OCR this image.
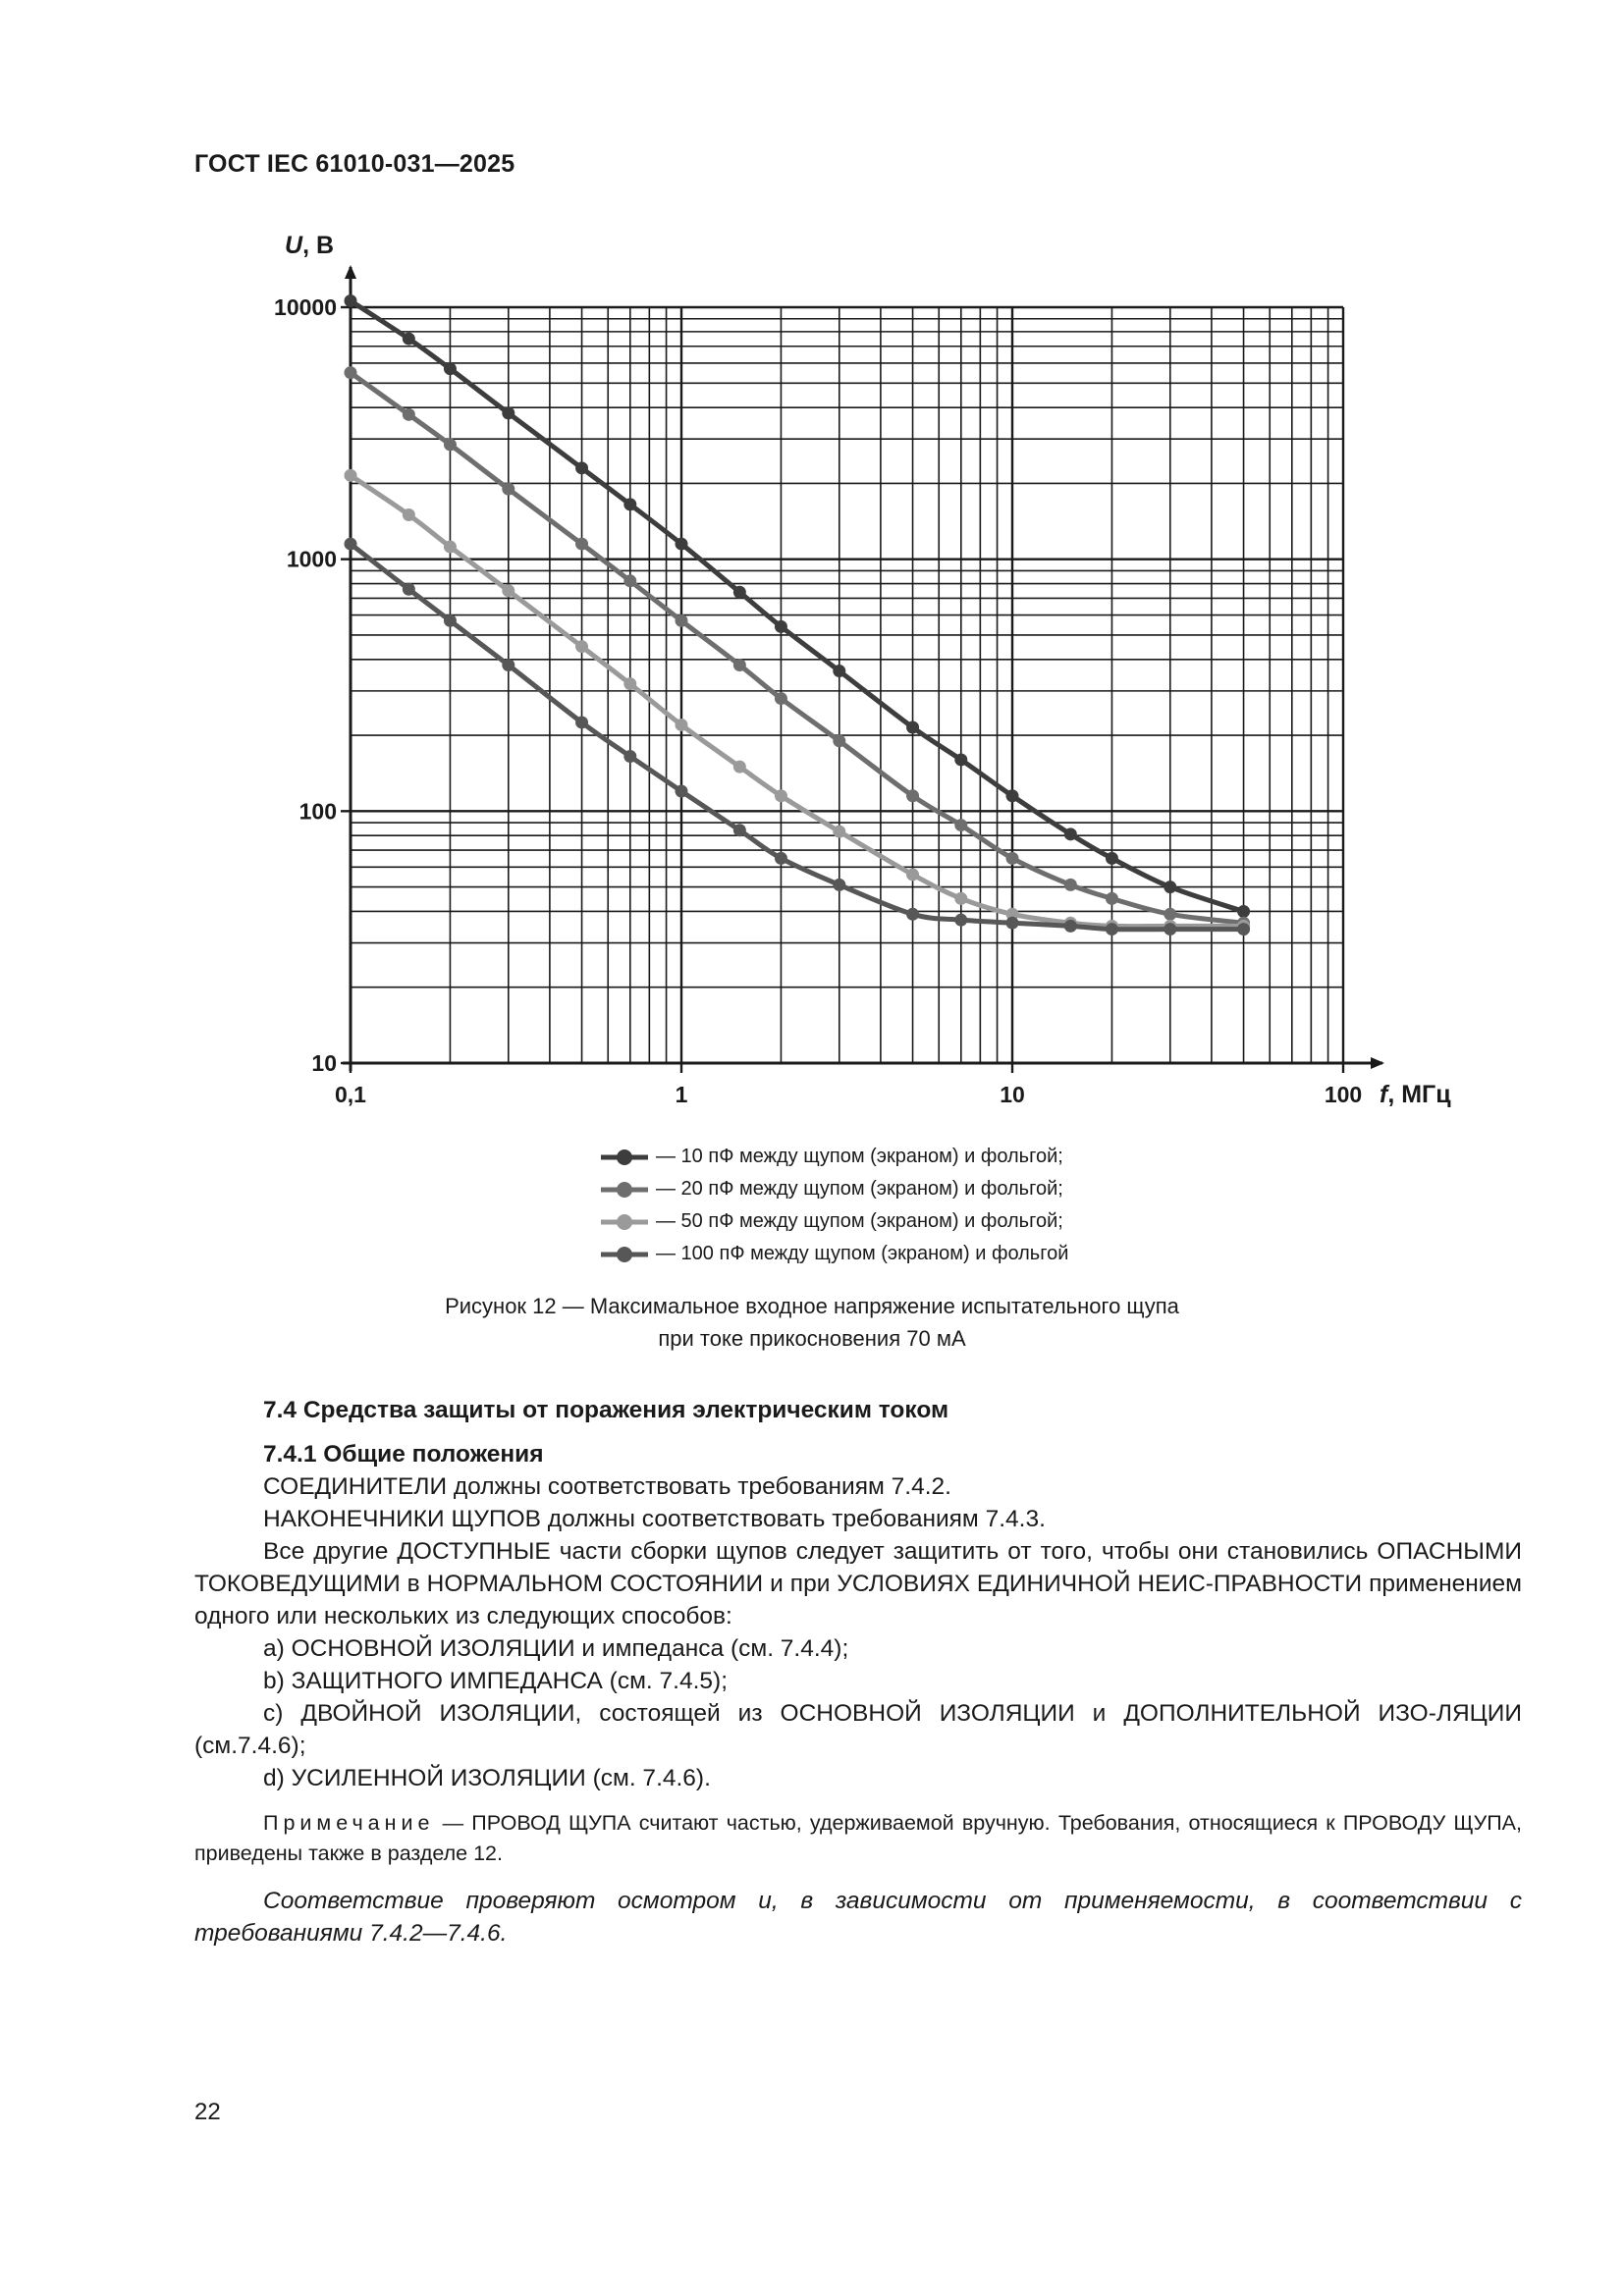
ГОСТ IEC 61010-031—2025
0,1	1	10	100
10
100
1000
10000
U, В
f, МГц
— 10 пФ между щупом (экраном) и фольгой;
— 20 пФ между щупом (экраном) и фольгой;
— 50 пФ между щупом (экраном) и фольгой;
— 100 пФ между щупом (экраном) и фольгой
Рисунок 12 — Максимальное входное напряжение испытательного щупа
при токе прикосновения 70 мА
7.4 Средства защиты от поражения электрическим током
7.4.1 Общие положения
СОЕДИНИТЕЛИ должны соответствовать требованиям 7.4.2.
НАКОНЕЧНИКИ ЩУПОВ должны соответствовать требованиям 7.4.3.
Все другие ДОСТУПНЫЕ части сборки щупов следует защитить от того, чтобы они становились ОПАСНЫМИ ТОКОВЕДУЩИМИ в НОРМАЛЬНОМ СОСТОЯНИИ и при УСЛОВИЯХ ЕДИНИЧНОЙ НЕИС-ПРАВНОСТИ применением одного или нескольких из следующих способов:
a) ОСНОВНОЙ ИЗОЛЯЦИИ и импеданса (см. 7.4.4);
b) ЗАЩИТНОГО ИМПЕДАНСА (см. 7.4.5);
c) ДВОЙНОЙ ИЗОЛЯЦИИ, состоящей из ОСНОВНОЙ ИЗОЛЯЦИИ и ДОПОЛНИТЕЛЬНОЙ ИЗО-ЛЯЦИИ (см.7.4.6);
d) УСИЛЕННОЙ ИЗОЛЯЦИИ (см. 7.4.6).
Примечание — ПРОВОД ЩУПА считают частью, удерживаемой вручную. Требования, относящиеся к ПРОВОДУ ЩУПА, приведены также в разделе 12.
Соответствие проверяют осмотром и, в зависимости от применяемости, в соответствии с требованиями 7.4.2—7.4.6.
22
